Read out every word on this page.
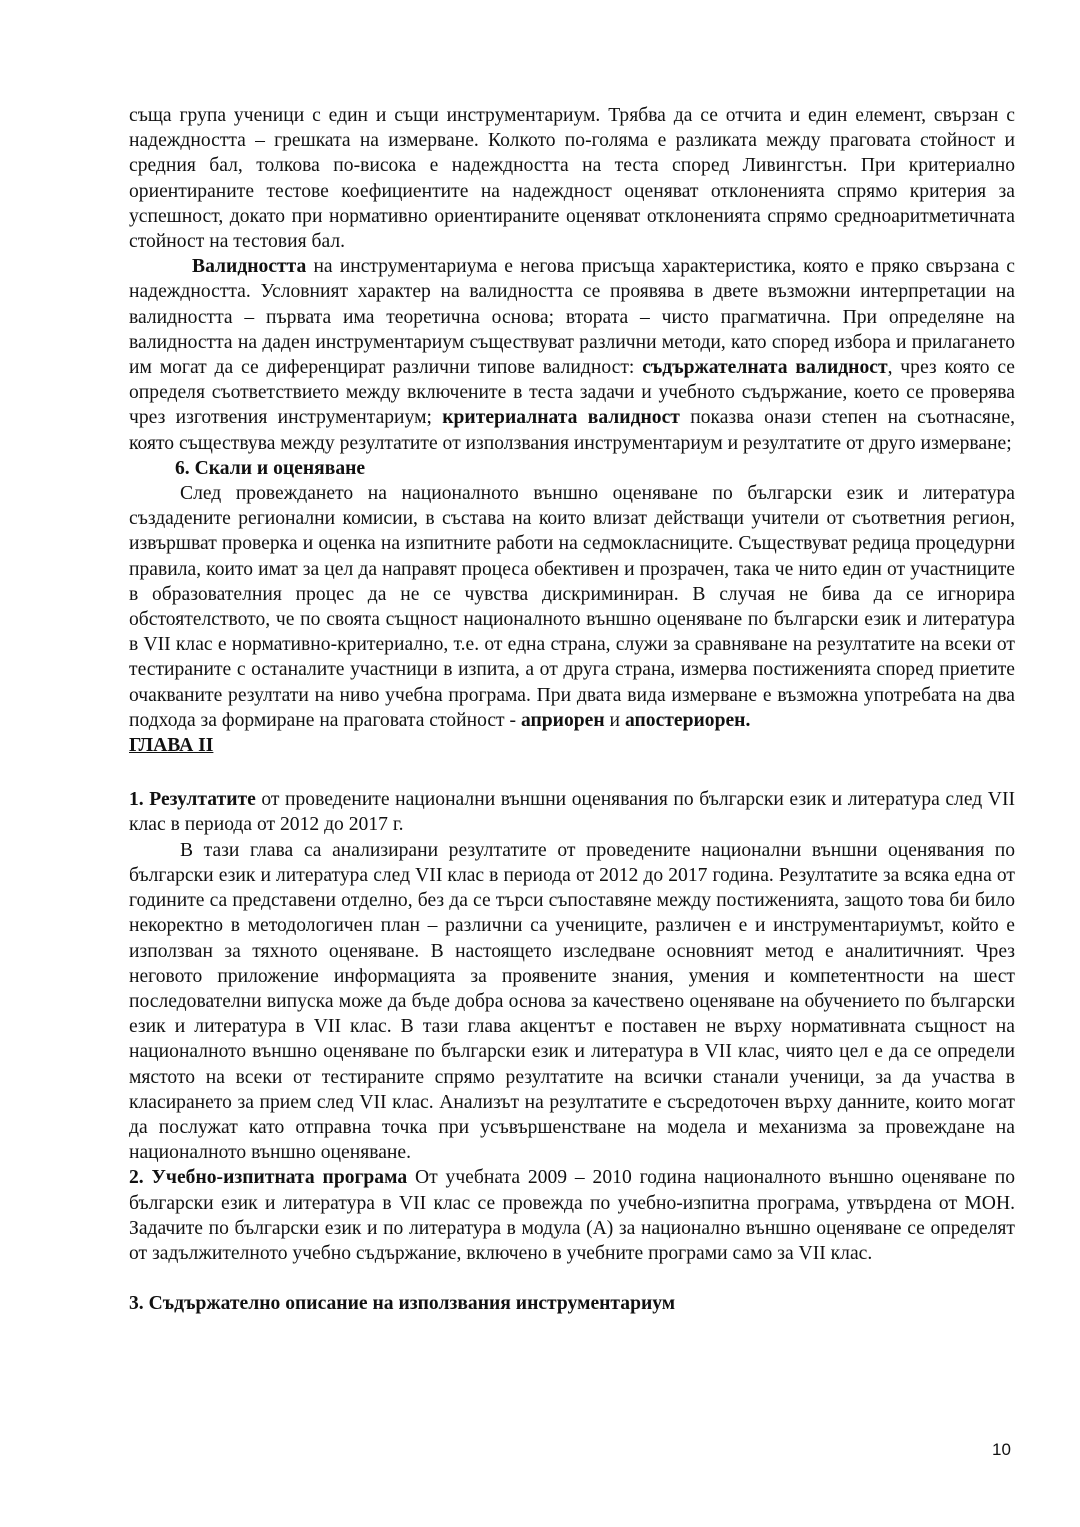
съща група ученици с един и същи инструментариум. Трябва да се отчита и един елемент, свързан с надеждността – грешката на измерване. Колкото по-голяма е разликата между праговата стойност и средния бал, толкова по-висока е надеждността на теста според Ливингстън. При критериално ориентираните тестове коефициентите на надеждност оценяват отклоненията спрямо критерия за успешност, докато при нормативно ориентираните оценяват отклоненията спрямо средноаритметичната стойност на тестовия бал.

Валидността на инструментариума е негова присъща характеристика, която е пряко свързана с надеждността. Условният характер на валидността се проявява в двете възможни интерпретации на валидността – първата има теоретична основа; втората – чисто прагматична. При определяне на валидността на даден инструментариум съществуват различни методи, като според избора и прилагането им могат да се диференцират различни типове валидност: съдържателната валидност, чрез която се определя съответствието между включените в теста задачи и учебното съдържание, което се проверява чрез изготвения инструментариум; критериалната валидност показва онази степен на съотнасяне, която съществува между резултатите от използвания инструментариум и резултатите от друго измерване;

6. Скали и оценяване

След провеждането на националното външно оценяване по български език и литература създадените регионални комисии, в състава на които влизат действащи учители от съответния регион, извършват проверка и оценка на изпитните работи на седмокласниците. Съществуват редица процедурни правила, които имат за цел да направят процеса обективен и прозрачен, така че нито един от участниците в образователния процес да не се чувства дискриминиран. В случая не бива да се игнорира обстоятелството, че по своята същност националното външно оценяване по български език и литература в VII клас е нормативно-критериално, т.е. от една страна, служи за сравняване на резултатите на всеки от тестираните с останалите участници в изпита, а от друга страна, измерва постиженията според приетите очакваните резултати на ниво учебна програма. При двата вида измерване е възможна употребата на два подхода за формиране на праговата стойност - априорен и апостериорен.

ГЛАВА II

1. Резултатите от проведените национални външни оценявания по български език и литература след VII клас в периода от 2012 до 2017 г.

В тази глава са анализирани резултатите от проведените национални външни оценявания по български език и литература след VII клас в периода от 2012 до 2017 година. Резултатите за всяка една от годините са представени отделно, без да се търси съпоставяне между постиженията, защото това би било некоректно в методологичен план – различни са учениците, различен е и инструментариумът, който е използван за тяхното оценяване. В настоящето изследване основният метод е аналитичният. Чрез неговото приложение информацията за проявените знания, умения и компетентности на шест последователни випуска може да бъде добра основа за качествено оценяване на обучението по български език и литература в VII клас. В тази глава акцентът е поставен не върху нормативната същност на националното външно оценяване по български език и литература в VII клас, чиято цел е да се определи мястото на всеки от тестираните спрямо резултатите на всички станали ученици, за да участва в класирането за прием след VII клас. Анализът на резултатите е съсредоточен върху данните, които могат да послужат като отправна точка при усъвършенстване на модела и механизма за провеждане на националното външно оценяване.

2. Учебно-изпитната програма От учебната 2009 – 2010 година националното външно оценяване по български език и литература в VII клас се провежда по учебно-изпитна програма, утвърдена от МОН. Задачите по български език и по литература в модула (А) за национално външно оценяване се определят от задължителното учебно съдържание, включено в учебните програми само за VII клас.

3. Съдържателно описание на използвания инструментариум

10
